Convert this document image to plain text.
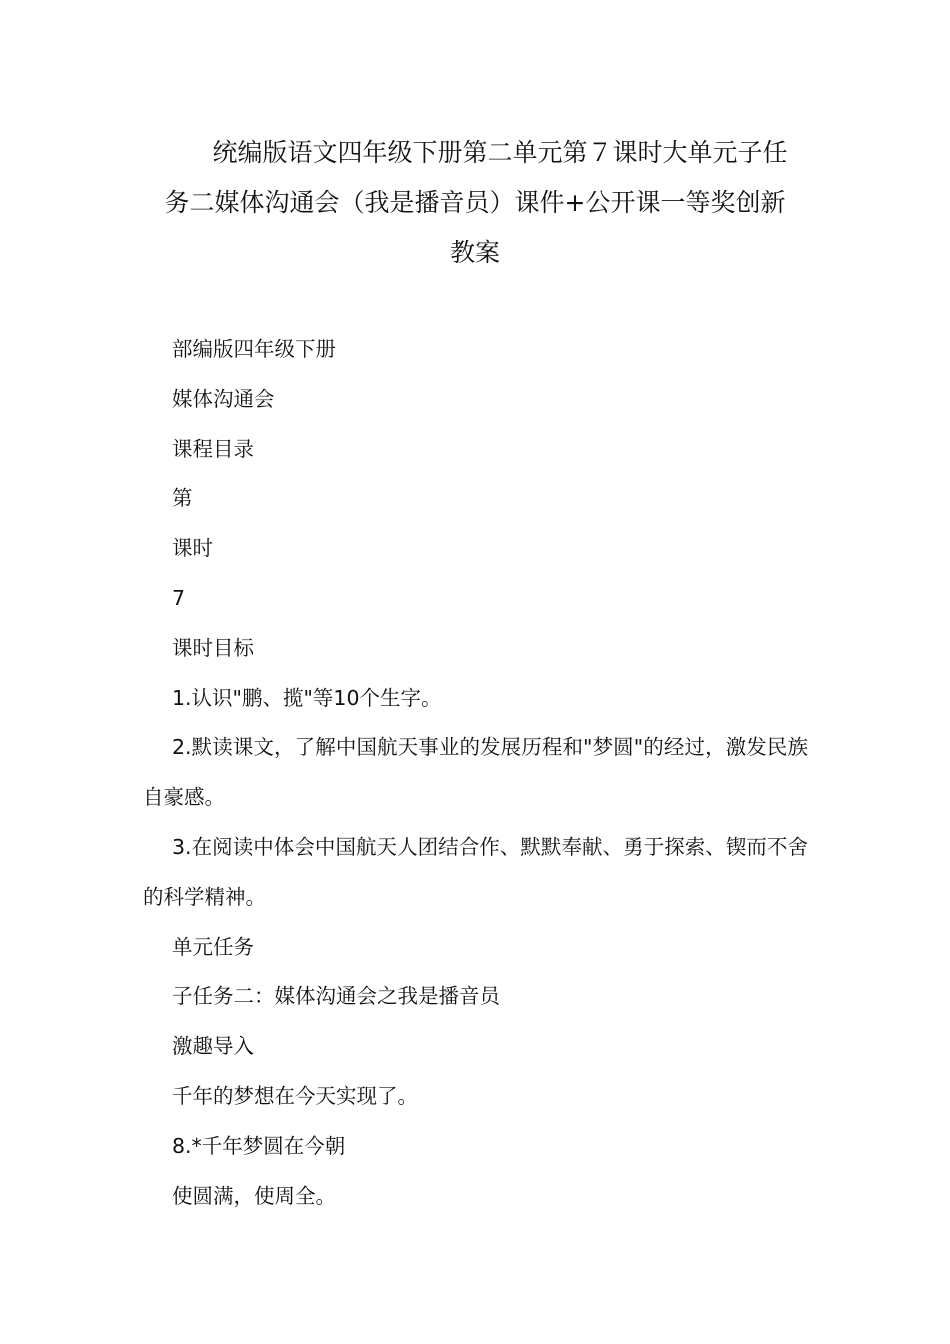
　　统编版语文四年级下册第二单元第７课时大单元子任
务二媒体沟通会（我是播音员）课件+公开课一等奖创新
教案

部编版四年级下册

媒体沟通会

课程目录

第

课时

7

课时目标

1.认识"鹏、揽"等10个生字。

2.默读课文，了解中国航天事业的发展历程和"梦圆"的经过，激发民族自豪感。

3.在阅读中体会中国航天人团结合作、默默奉献、勇于探索、锲而不舍的科学精神。

单元任务

子任务二：媒体沟通会之我是播音员

激趣导入

千年的梦想在今天实现了。

8.*千年梦圆在今朝

使圆满，使周全。
